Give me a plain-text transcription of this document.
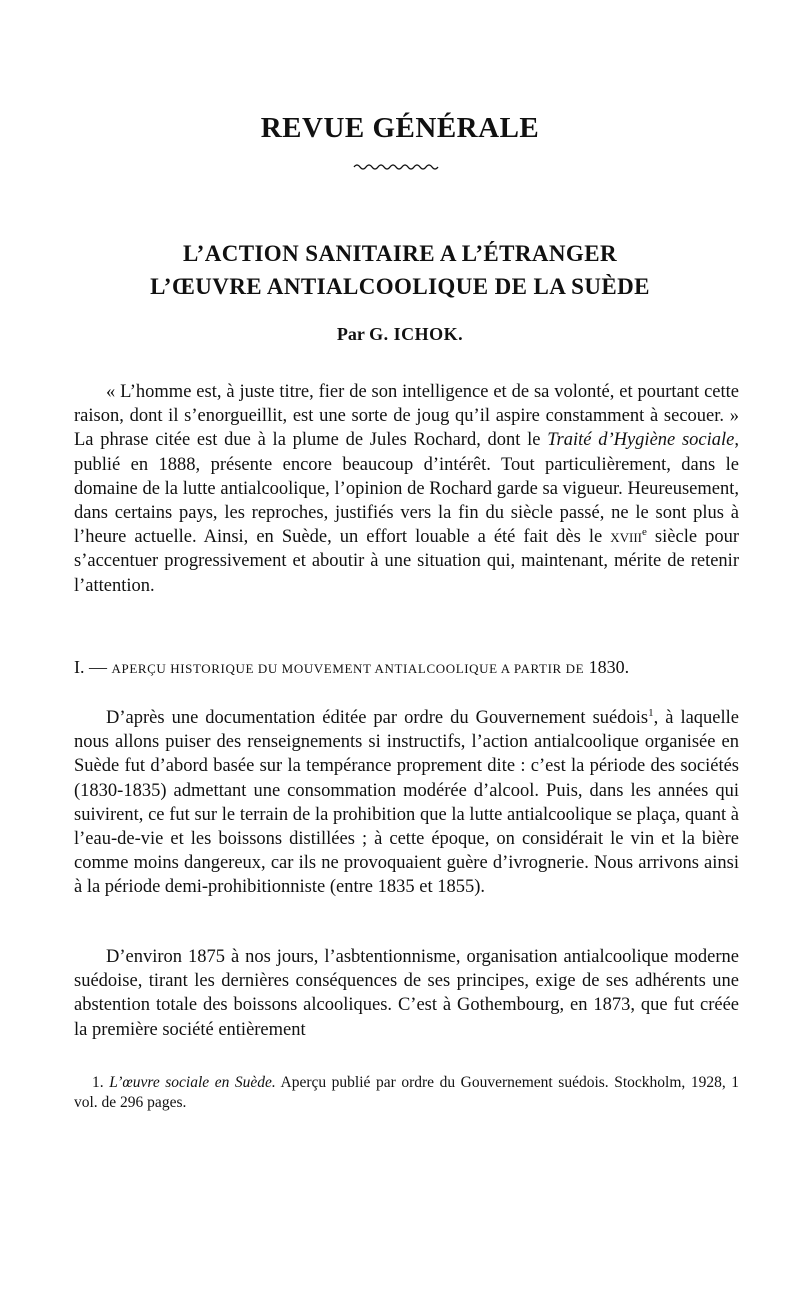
REVUE GÉNÉRALE
L’ACTION SANITAIRE A L’ÉTRANGER
L’ŒUVRE ANTIALCOOLIQUE DE LA SUÈDE
Par G. ICHOK.

« L’homme est, à juste titre, fier de son intelligence et de sa volonté, et pourtant cette raison, dont il s’enorgueillit, est une sorte de joug qu’il aspire constamment à secouer. » La phrase citée est due à la plume de Jules Rochard, dont le Traité d’Hygiène sociale, publié en 1888, présente encore beaucoup d’intérêt. Tout particulièrement, dans le domaine de la lutte antialcoolique, l’opinion de Rochard garde sa vigueur. Heureusement, dans certains pays, les reproches, justifiés vers la fin du siècle passé, ne le sont plus à l’heure actuelle. Ainsi, en Suède, un effort louable a été fait dès le xviii$^e$ siècle pour s’accentuer progressivement et aboutir à une situation qui, maintenant, mérite de retenir l’attention.

I. — APERÇU HISTORIQUE DU MOUVEMENT ANTIALCOOLIQUE A PARTIR DE 1830.

D’après une documentation éditée par ordre du Gouvernement suédois$^1$, à laquelle nous allons puiser des renseignements si instructifs, l’action antialcoolique organisée en Suède fut d’abord basée sur la tempérance proprement dite : c’est la période des sociétés (1830-1835) admettant une consommation modérée d’alcool. Puis, dans les années qui suivirent, ce fut sur le terrain de la prohibition que la lutte antialcoolique se plaça, quant à l’eau-de-vie et les boissons distillées ; à cette époque, on considérait le vin et la bière comme moins dangereux, car ils ne provoquaient guère d’ivrognerie. Nous arrivons ainsi à la période demi-prohibitionniste (entre 1835 et 1855).

D’environ 1875 à nos jours, l’asbtentionnisme, organisation antialcoolique moderne suédoise, tirant les dernières conséquences de ses principes, exige de ses adhérents une abstention totale des boissons alcooliques. C’est à Gothembourg, en 1873, que fut créée la première société entièrement

1. L’œuvre sociale en Suède. Aperçu publié par ordre du Gouvernement suédois. Stockholm, 1928, 1 vol. de 296 pages.
